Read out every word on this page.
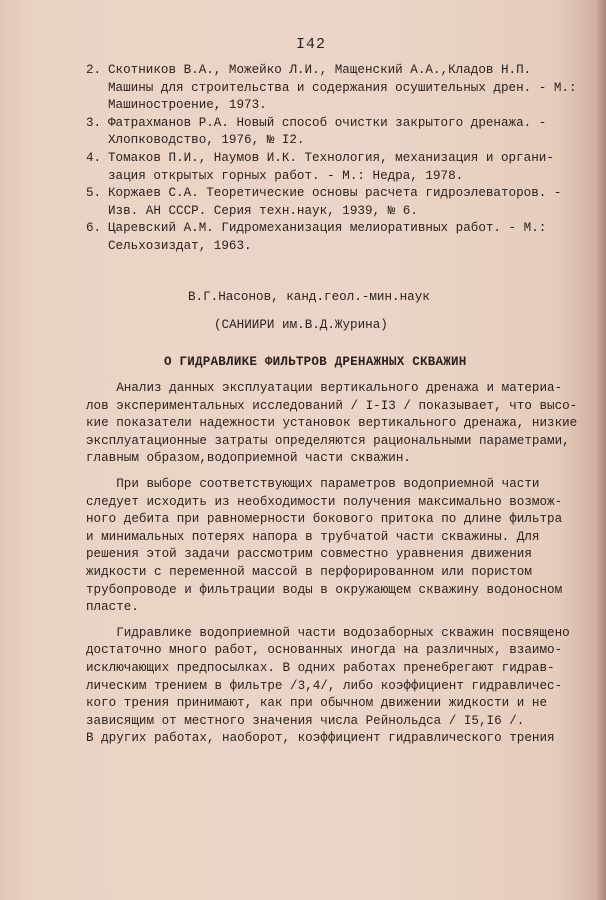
I42
2. Скотников В.А., Можейко Л.И., Мащенский А.А.,Кладов Н.П.
Машины для строительства и содержания осушительных дрен. - М.:
Машиностроение, 1973.
3. Фатрахманов Р.А. Новый способ очистки закрытого дренажа. -
Хлопководство, 1976, № I2.
4. Томаков П.И., Наумов И.К. Технология, механизация и органи-
зация открытых горных работ. - М.: Недра, 1978.
5. Коржаев С.А. Теоретические основы расчета гидроэлеваторов. -
Изв. АН СССР. Серия техн.наук, 1939, № 6.
6. Царевский А.М. Гидромеханизация мелиоративных работ. - М.:
Сельхозиздат, 1963.
В.Г.Насонов, канд.геол.-мин.наук
(САНИИРИ им.В.Д.Журина)
О ГИДРАВЛИКЕ ФИЛЬТРОВ ДРЕНАЖНЫХ СКВАЖИН
Анализ данных эксплуатации вертикального дренажа и материа-
лов экспериментальных исследований / I-I3 / показывает, что высо-
кие показатели надежности установок вертикального дренажа, низкие
эксплуатационные затраты определяются рациональными параметрами,
главным образом,водоприемной части скважин.
При выборе соответствующих параметров водоприемной части
следует исходить из необходимости получения максимально возмож-
ного дебита при равномерности бокового притока по длине фильтра
и минимальных потерях напора в трубчатой части скважины. Для
решения этой задачи рассмотрим совместно уравнения движения
жидкости с переменной массой в перфорированном или пористом
трубопроводе и фильтрации воды в окружающем скважину водоносном
пласте.
Гидравлике водоприемной части водозаборных скважин посвящено
достаточно много работ, основанных иногда на различных, взаимо-
исключающих предпосылках. В одних работах пренебрегают гидрав-
лическим трением в фильтре /3,4/, либо коэффициент гидравличес-
кого трения принимают, как при обычном движении жидкости и не
зависящим от местного значения числа Рейнольдса / I5,I6 /.
В других работах, наоборот, коэффициент гидравлического трения
